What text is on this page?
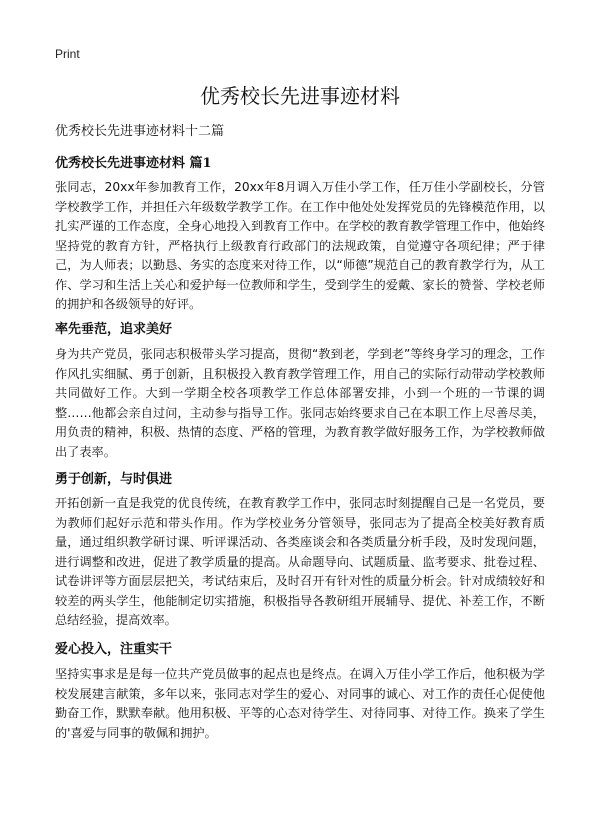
Print
优秀校长先进事迹材料

优秀校长先进事迹材料十二篇

优秀校长先进事迹材料 篇1

张同志，20xx年参加教育工作，20xx年8月调入万佳小学工作，任万佳小学副校长，分管学校教学工作，并担任六年级数学教学工作。在工作中他处处发挥党员的先锋模范作用，以扎实严谨的工作态度，全身心地投入到教育工作中。在学校的教育教学管理工作中，他始终坚持党的教育方针，严格执行上级教育行政部门的法规政策，自觉遵守各项纪律；严于律己，为人师表；以勤恳、务实的态度来对待工作，以“师德”规范自己的教育教学行为，从工作、学习和生活上关心和爱护每一位教师和学生，受到学生的爱戴、家长的赞誉、学校老师的拥护和各级领导的好评。

率先垂范，追求美好

身为共产党员，张同志积极带头学习提高，贯彻“教到老，学到老”等终身学习的理念，工作作风扎实细腻、勇于创新，且积极投入教育教学管理工作，用自己的实际行动带动学校教师共同做好工作。大到一学期全校各项教学工作总体部署安排，小到一个班的一节课的调整……他都会亲自过问，主动参与指导工作。张同志始终要求自己在本职工作上尽善尽美，用负责的精神，积极、热情的态度、严格的管理，为教育教学做好服务工作，为学校教师做出了表率。

勇于创新，与时俱进

开拓创新一直是我党的优良传统，在教育教学工作中，张同志时刻提醒自己是一名党员，要为教师们起好示范和带头作用。作为学校业务分管领导，张同志为了提高全校美好教育质量，通过组织教学研讨课、听评课活动、各类座谈会和各类质量分析手段，及时发现问题，进行调整和改进，促进了教学质量的提高。从命题导向、试题质量、监考要求、批卷过程、试卷讲评等方面层层把关，考试结束后，及时召开有针对性的质量分析会。针对成绩较好和较差的两头学生，他能制定切实措施，积极指导各教研组开展辅导、提优、补差工作，不断总结经验，提高效率。

爱心投入，注重实干

坚持实事求是是每一位共产党员做事的起点也是终点。在调入万佳小学工作后，他积极为学校发展建言献策，多年以来，张同志对学生的爱心、对同事的诚心、对工作的责任心促使他勤奋工作，默默奉献。他用积极、平等的心态对待学生、对待同事、对待工作。换来了学生的'喜爱与同事的敬佩和拥护。
